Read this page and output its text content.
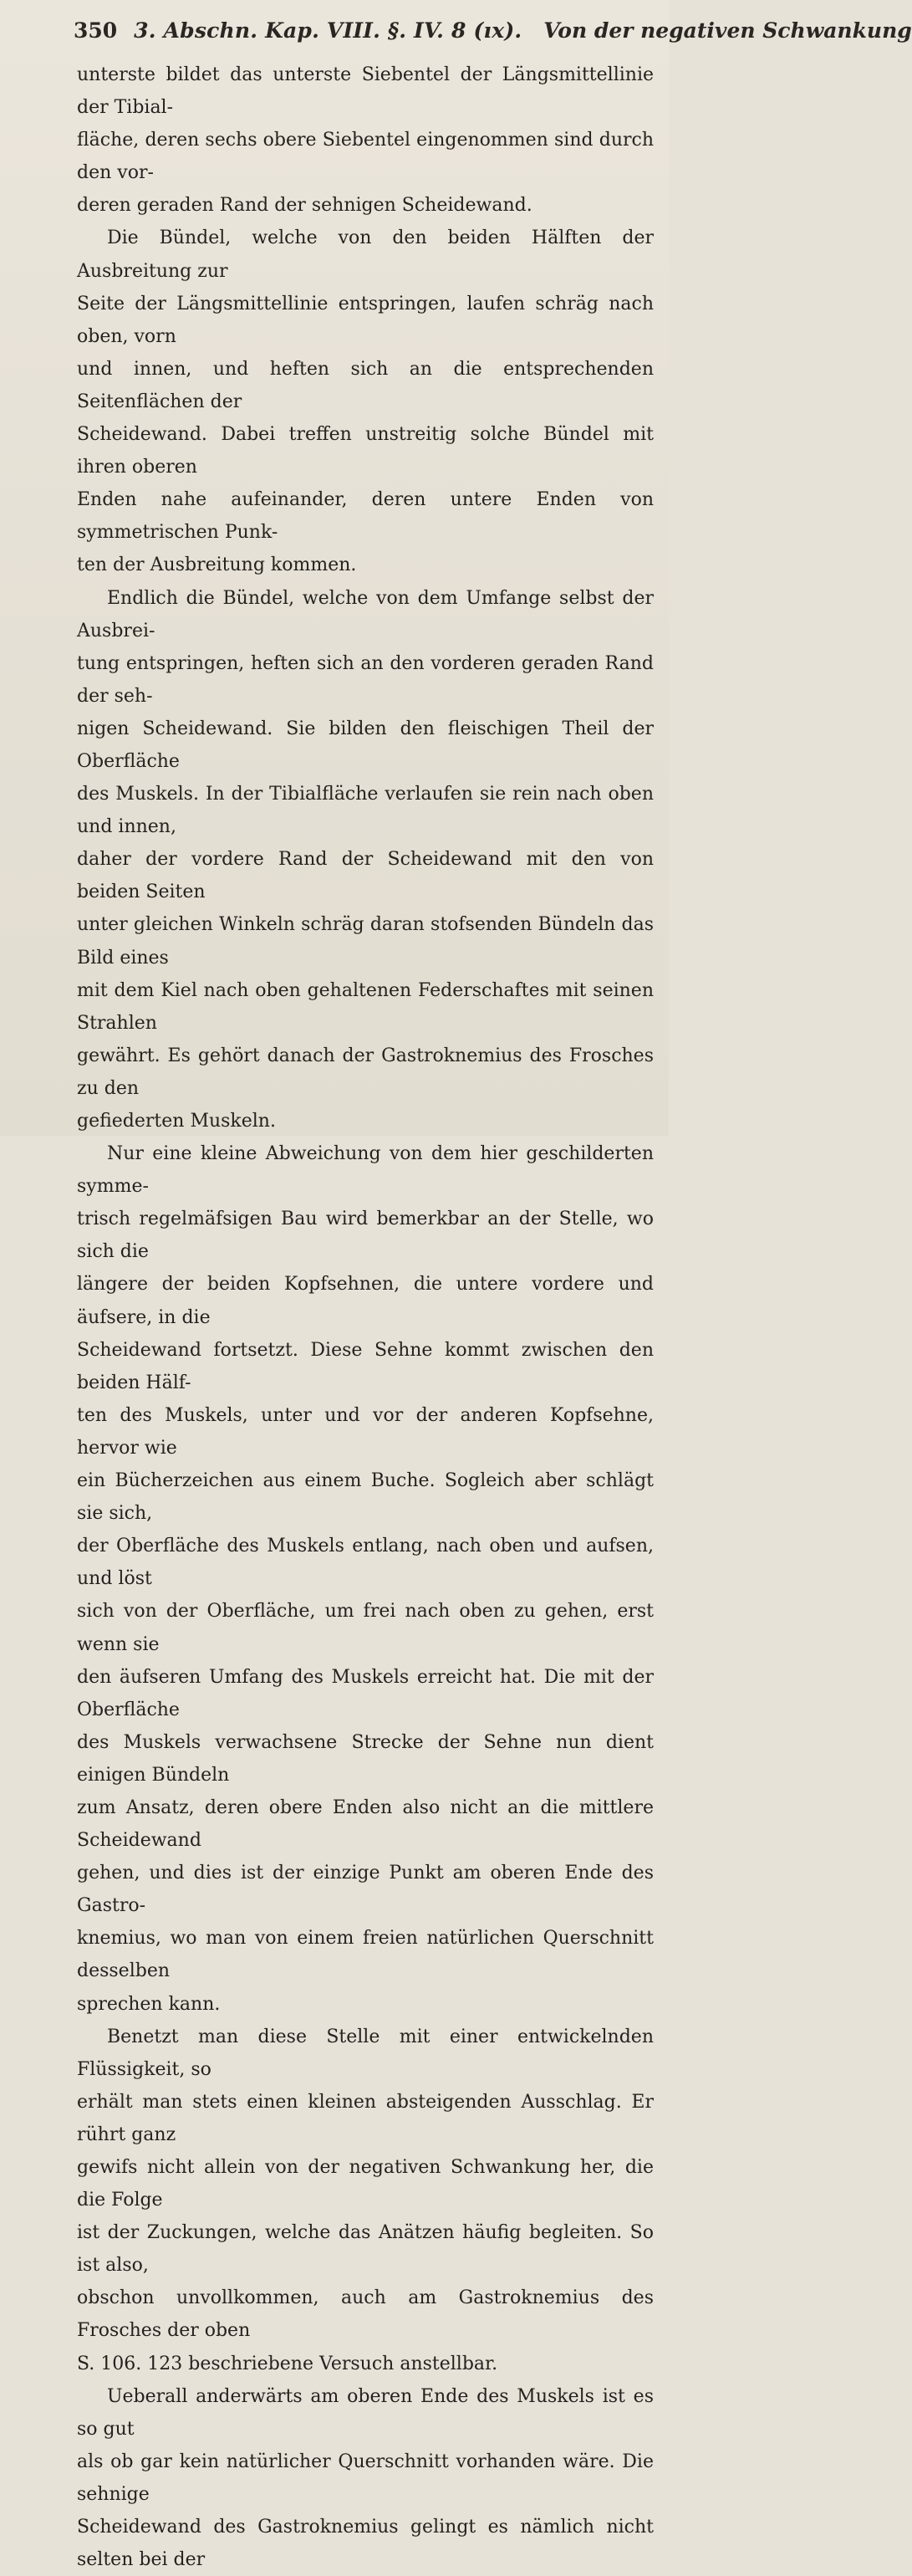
350 3. Abschn. Kap. VIII. §. IV. 8 (ıx). Von der negativen Schwankung

unterste bildet das unterste Siebentel der Längsmittellinie der Tibial-
fläche, deren sechs obere Siebentel eingenommen sind durch den vor-
deren geraden Rand der sehnigen Scheidewand.

Die Bündel, welche von den beiden Hälften der Ausbreitung zur
Seite der Längsmittellinie entspringen, laufen schräg nach oben, vorn
und innen, und heften sich an die entsprechenden Seitenflächen der
Scheidewand. Dabei treffen unstreitig solche Bündel mit ihren oberen
Enden nahe aufeinander, deren untere Enden von symmetrischen Punk-
ten der Ausbreitung kommen.

Endlich die Bündel, welche von dem Umfange selbst der Ausbrei-
tung entspringen, heften sich an den vorderen geraden Rand der seh-
nigen Scheidewand. Sie bilden den fleischigen Theil der Oberfläche
des Muskels. In der Tibialfläche verlaufen sie rein nach oben und innen,
daher der vordere Rand der Scheidewand mit den von beiden Seiten
unter gleichen Winkeln schräg daran stofsenden Bündeln das Bild eines
mit dem Kiel nach oben gehaltenen Federschaftes mit seinen Strahlen
gewährt. Es gehört danach der Gastroknemius des Frosches zu den
gefiederten Muskeln.

Nur eine kleine Abweichung von dem hier geschilderten symme-
trisch regelmäfsigen Bau wird bemerkbar an der Stelle, wo sich die
längere der beiden Kopfsehnen, die untere vordere und äufsere, in die
Scheidewand fortsetzt. Diese Sehne kommt zwischen den beiden Hälf-
ten des Muskels, unter und vor der anderen Kopfsehne, hervor wie
ein Bücherzeichen aus einem Buche. Sogleich aber schlägt sie sich,
der Oberfläche des Muskels entlang, nach oben und aufsen, und löst
sich von der Oberfläche, um frei nach oben zu gehen, erst wenn sie
den äufseren Umfang des Muskels erreicht hat. Die mit der Oberfläche
des Muskels verwachsene Strecke der Sehne nun dient einigen Bündeln
zum Ansatz, deren obere Enden also nicht an die mittlere Scheidewand
gehen, und dies ist der einzige Punkt am oberen Ende des Gastro-
knemius, wo man von einem freien natürlichen Querschnitt desselben
sprechen kann.

Benetzt man diese Stelle mit einer entwickelnden Flüssigkeit, so
erhält man stets einen kleinen absteigenden Ausschlag. Er rührt ganz
gewifs nicht allein von der negativen Schwankung her, die die Folge
ist der Zuckungen, welche das Anätzen häufig begleiten. So ist also,
obschon unvollkommen, auch am Gastroknemius des Frosches der oben
S. 106. 123 beschriebene Versuch anstellbar.

Ueberall anderwärts am oberen Ende des Muskels ist es so gut
als ob gar kein natürlicher Querschnitt vorhanden wäre. Die sehnige
Scheidewand des Gastroknemius gelingt es nämlich nicht selten bei der
